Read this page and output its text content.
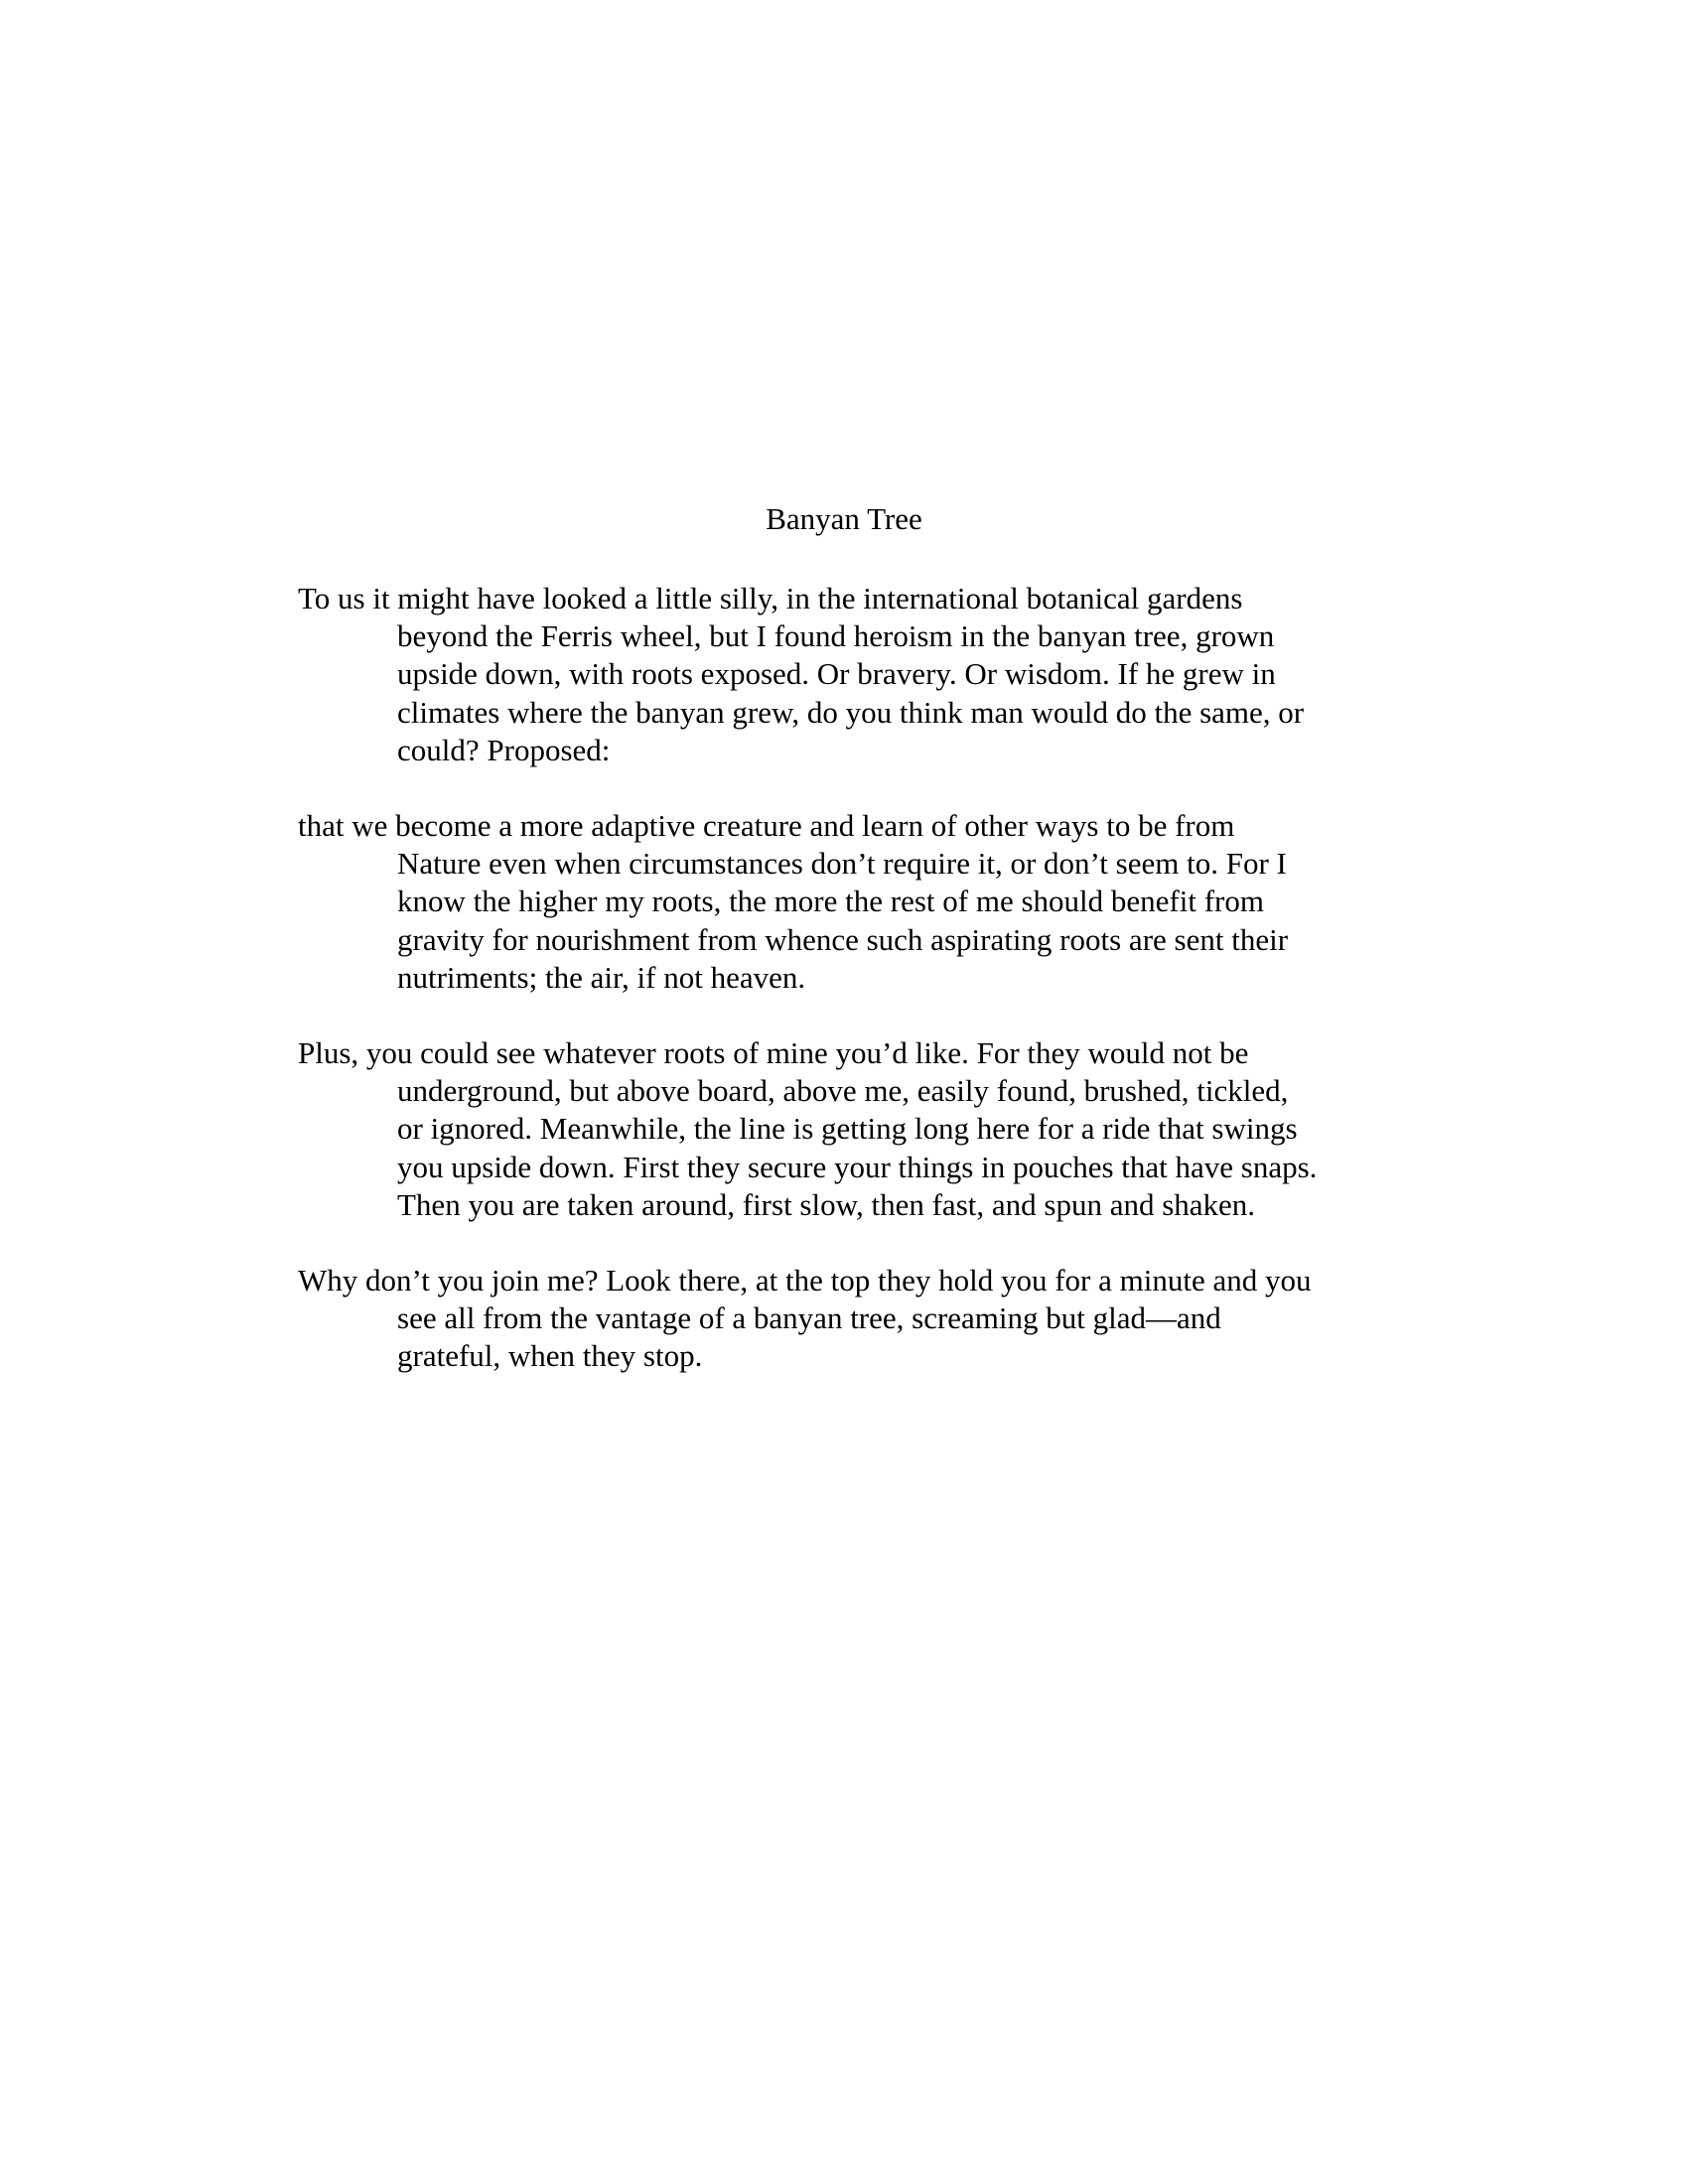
Banyan Tree
To us it might have looked a little silly, in the international botanical gardens
beyond the Ferris wheel, but I found heroism in the banyan tree, grown
upside down, with roots exposed. Or bravery. Or wisdom. If he grew in
climates where the banyan grew, do you think man would do the same, or
could? Proposed:
that we become a more adaptive creature and learn of other ways to be from
Nature even when circumstances don’t require it, or don’t seem to. For I
know the higher my roots, the more the rest of me should benefit from
gravity for nourishment from whence such aspirating roots are sent their
nutriments; the air, if not heaven.
Plus, you could see whatever roots of mine you’d like. For they would not be
underground, but above board, above me, easily found, brushed, tickled,
or ignored. Meanwhile, the line is getting long here for a ride that swings
you upside down. First they secure your things in pouches that have snaps.
Then you are taken around, first slow, then fast, and spun and shaken.
Why don’t you join me? Look there, at the top they hold you for a minute and you
see all from the vantage of a banyan tree, screaming but glad—and
grateful, when they stop.
